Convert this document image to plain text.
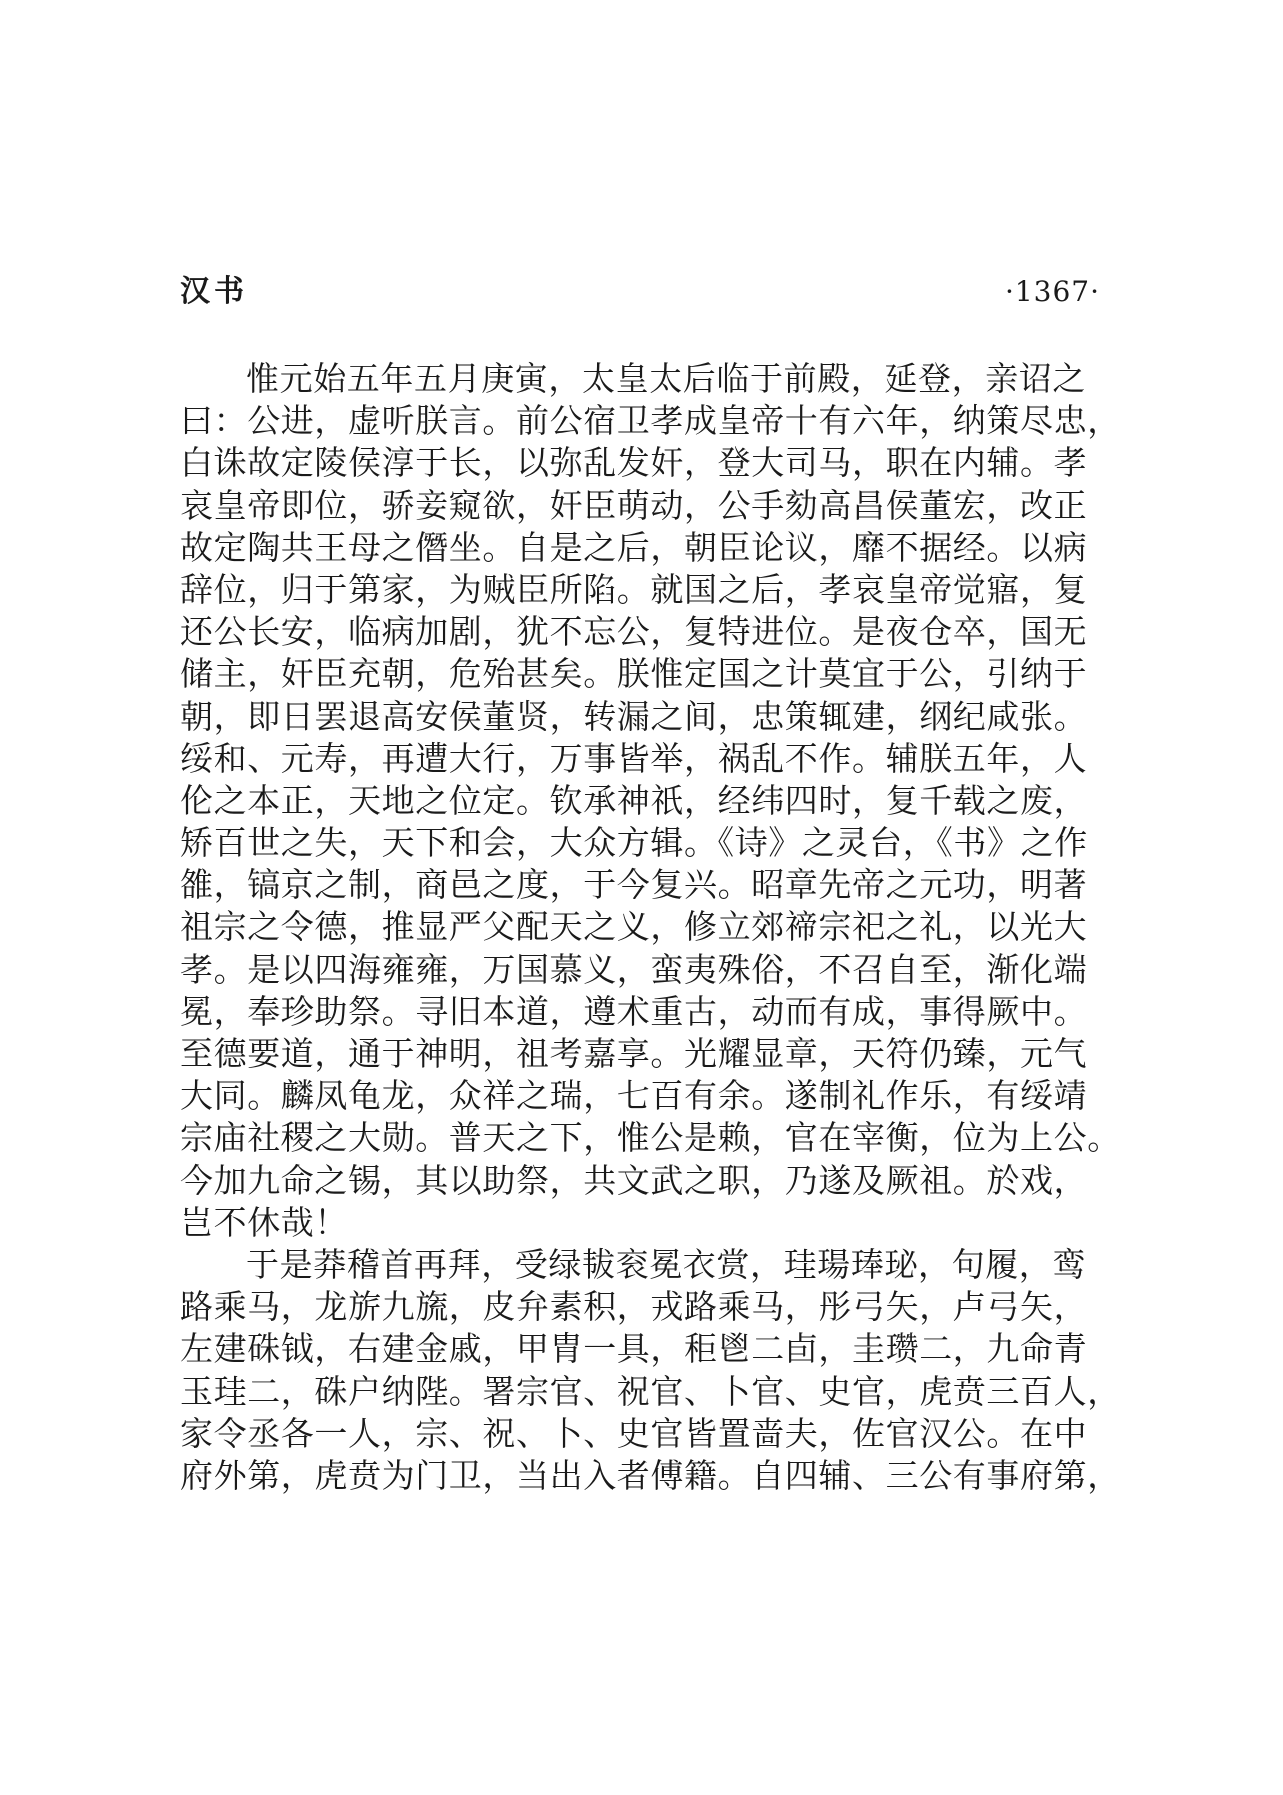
汉书	·1367·
惟元始五年五月庚寅，太皇太后临于前殿，延登，亲诏之
曰：公进，虚听朕言。前公宿卫孝成皇帝十有六年，纳策尽忠，
白诛故定陵侯淳于长，以弥乱发奸，登大司马，职在内辅。孝
哀皇帝即位，骄妾窥欲，奸臣萌动，公手劾高昌侯董宏，改正
故定陶共王母之僭坐。自是之后，朝臣论议，靡不据经。以病
辞位，归于第家，为贼臣所陷。就国之后，孝哀皇帝觉寤，复
还公长安，临病加剧，犹不忘公，复特进位。是夜仓卒，国无
储主，奸臣充朝，危殆甚矣。朕惟定国之计莫宜于公，引纳于
朝，即日罢退高安侯董贤，转漏之间，忠策辄建，纲纪咸张。
绥和、元寿，再遭大行，万事皆举，祸乱不作。辅朕五年，人
伦之本正，天地之位定。钦承神祇，经纬四时，复千载之废，
矫百世之失，天下和会，大众方辑。《诗》之灵台，《书》之作
雒，镐京之制，商邑之度，于今复兴。昭章先帝之元功，明著
祖宗之令德，推显严父配天之义，修立郊禘宗祀之礼，以光大
孝。是以四海雍雍，万国慕义，蛮夷殊俗，不召自至，渐化端
冕，奉珍助祭。寻旧本道，遵术重古，动而有成，事得厥中。
至德要道，通于神明，祖考嘉享。光耀显章，天符仍臻，元气
大同。麟凤龟龙，众祥之瑞，七百有余。遂制礼作乐，有绥靖
宗庙社稷之大勋。普天之下，惟公是赖，官在宰衡，位为上公。
今加九命之锡，其以助祭，共文武之职，乃遂及厥祖。於戏，
岂不休哉！
于是莽稽首再拜，受绿韨衮冕衣赏，珪瑒琫珌，句履，鸾
路乘马，龙旂九旒，皮弁素积，戎路乘马，彤弓矢，卢弓矢，
左建硃钺，右建金戚，甲胄一具，秬鬯二卣，圭瓒二，九命青
玉珪二，硃户纳陛。署宗官、祝官、卜官、史官，虎贲三百人，
家令丞各一人，宗、祝、卜、史官皆置啬夫，佐官汉公。在中
府外第，虎贲为门卫，当出入者傅籍。自四辅、三公有事府第，
